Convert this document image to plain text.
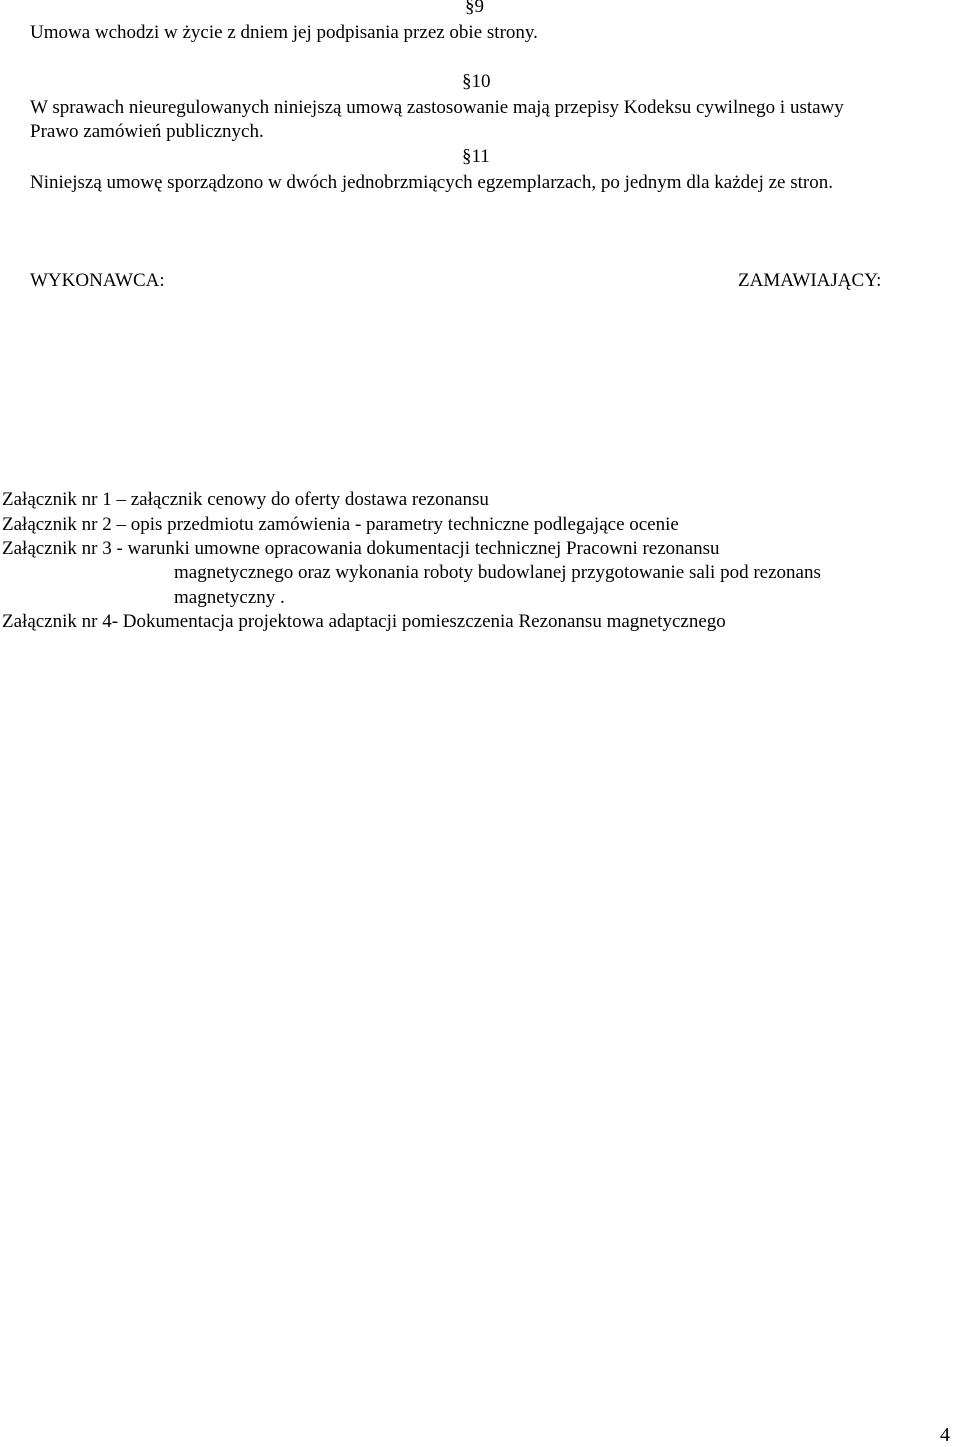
§9
Umowa wchodzi w życie z dniem jej podpisania przez obie strony.
§10
W sprawach nieuregulowanych niniejszą umową zastosowanie mają przepisy Kodeksu cywilnego i ustawy
Prawo zamówień publicznych.
§11
Niniejszą umowę sporządzono w dwóch jednobrzmiących egzemplarzach, po jednym dla każdej ze stron.
WYKONAWCA:	ZAMAWIAJĄCY:
Załącznik nr 1 – załącznik cenowy do oferty dostawa rezonansu
Załącznik nr 2 – opis przedmiotu zamówienia - parametry techniczne podlegające ocenie
Załącznik nr 3 - warunki umowne opracowania dokumentacji technicznej Pracowni rezonansu
magnetycznego oraz wykonania roboty budowlanej przygotowanie sali pod rezonans
magnetyczny .
Załącznik nr 4- Dokumentacja projektowa adaptacji pomieszczenia Rezonansu magnetycznego
4
